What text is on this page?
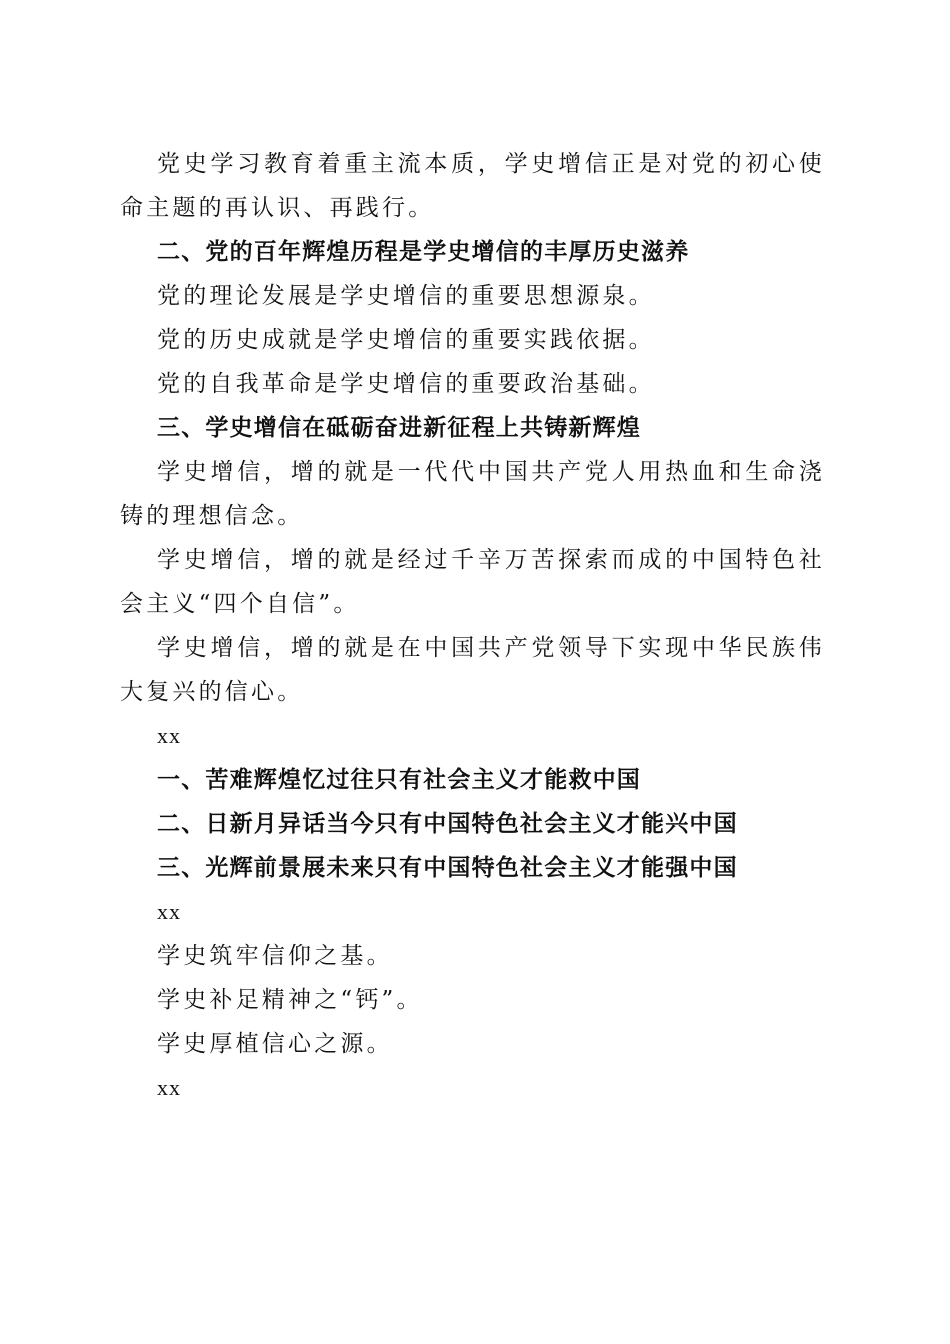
党史学习教育着重主流本质，学史增信正是对党的初心使命主题的再认识、再践行。

二、党的百年辉煌历程是学史增信的丰厚历史滋养

党的理论发展是学史增信的重要思想源泉。

党的历史成就是学史增信的重要实践依据。

党的自我革命是学史增信的重要政治基础。

三、学史增信在砥砺奋进新征程上共铸新辉煌

学史增信，增的就是一代代中国共产党人用热血和生命浇铸的理想信念。

学史增信，增的就是经过千辛万苦探索而成的中国特色社会主义“四个自信”。

学史增信，增的就是在中国共产党领导下实现中华民族伟大复兴的信心。

xx

一、苦难辉煌忆过往只有社会主义才能救中国

二、日新月异话当今只有中国特色社会主义才能兴中国

三、光辉前景展未来只有中国特色社会主义才能强中国

xx

学史筑牢信仰之基。

学史补足精神之“钙”。

学史厚植信心之源。

xx
